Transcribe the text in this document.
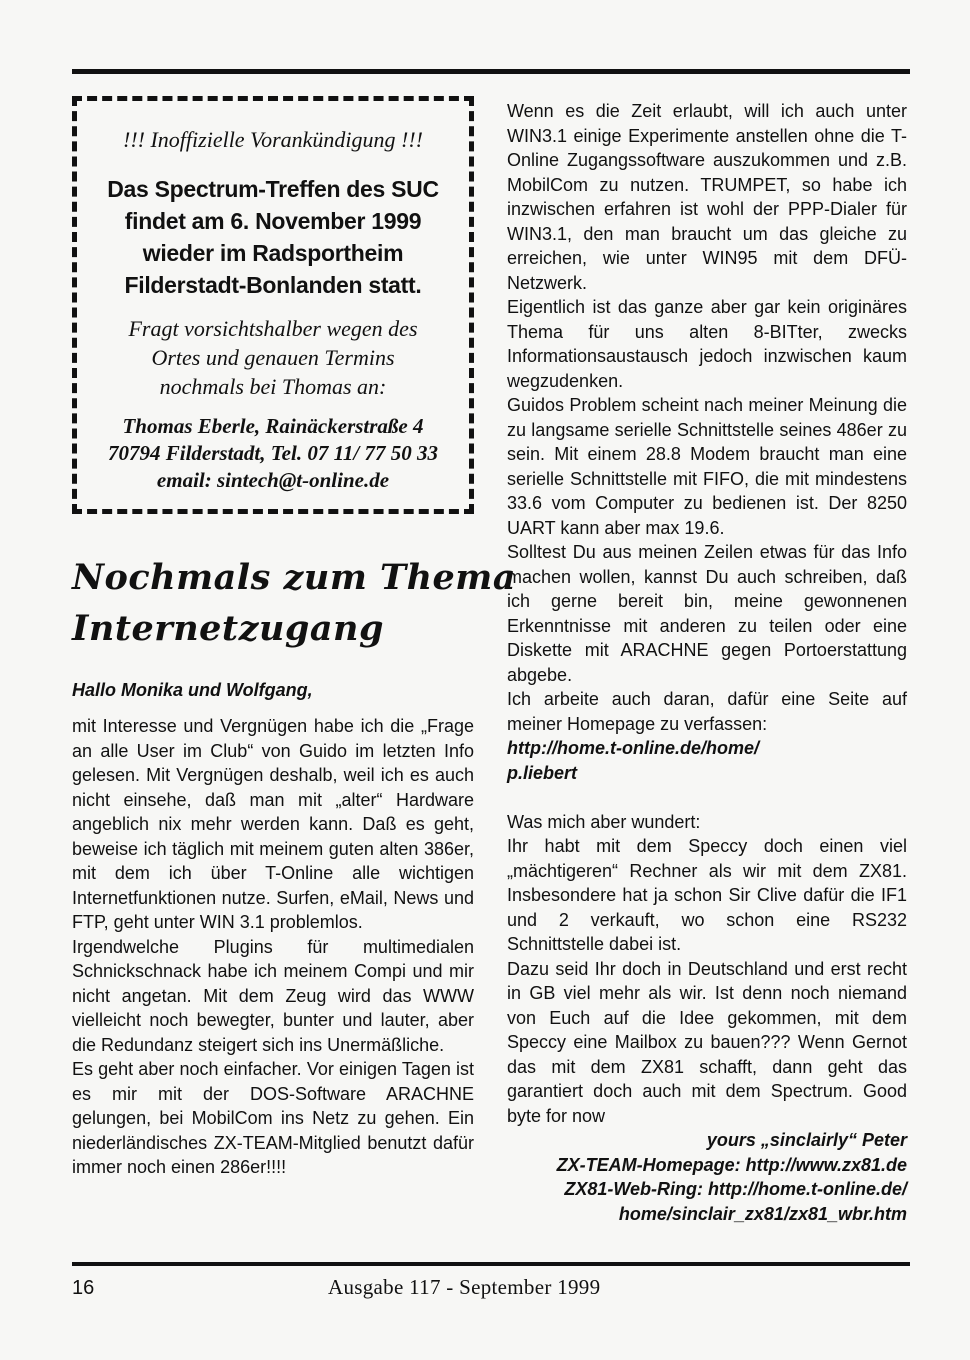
!!! Inoffizielle Vorankündigung !!!
Das Spectrum-Treffen des SUC
findet am 6. November 1999
wieder im Radsportheim
Filderstadt-Bonlanden statt.
Fragt vorsichtshalber wegen des
Ortes und genauen Termins
nochmals bei Thomas an:
Thomas Eberle, Rainäckerstraße 4
70794 Filderstadt, Tel. 07 11/ 77 50 33
email: sintech@t-online.de
Nochmals zum Thema
Internetzugang
Hallo Monika und Wolfgang,

mit Interesse und Vergnügen habe ich die „Frage an alle User im Club“ von Guido im letzten Info gelesen. Mit Vergnügen deshalb, weil ich es auch nicht einsehe, daß man mit „alter“ Hardware angeblich nix mehr werden kann. Daß es geht, beweise ich täglich mit meinem guten alten 386er, mit dem ich über T-Online alle wichtigen Internetfunktionen nutze. Surfen, eMail, News und FTP, geht unter WIN 3.1 problemlos.

Irgendwelche Plugins für multimedialen Schnickschnack habe ich meinem Compi und mir nicht angetan. Mit dem Zeug wird das WWW vielleicht noch bewegter, bunter und lauter, aber die Redundanz steigert sich ins Unermäßliche.

Es geht aber noch einfacher. Vor einigen Tagen ist es mir mit der DOS-Software ARACHNE gelungen, bei MobilCom ins Netz zu gehen. Ein niederländisches ZX-TEAM-Mitglied benutzt dafür immer noch einen 286er!!!!

Wenn es die Zeit erlaubt, will ich auch unter WIN3.1 einige Experimente anstellen ohne die T-Online Zugangssoftware auszukommen und z.B. MobilCom zu nutzen. TRUMPET, so habe ich inzwischen erfahren ist wohl der PPP-Dialer für WIN3.1, den man braucht um das gleiche zu erreichen, wie unter WIN95 mit dem DFÜ-Netzwerk.

Eigentlich ist das ganze aber gar kein originäres Thema für uns alten 8-BITter, zwecks Informationsaustausch jedoch inzwischen kaum wegzudenken.

Guidos Problem scheint nach meiner Meinung die zu langsame serielle Schnittstelle seines 486er zu sein. Mit einem 28.8 Modem braucht man eine serielle Schnittstelle mit FIFO, die mit mindestens 33.6 vom Computer zu bedienen ist. Der 8250 UART kann aber max 19.6.

Solltest Du aus meinen Zeilen etwas für das Info machen wollen, kannst Du auch schreiben, daß ich gerne bereit bin, meine gewonnenen Erkenntnisse mit anderen zu teilen oder eine Diskette mit ARACHNE gegen Portoerstattung abgebe.

Ich arbeite auch daran, dafür eine Seite auf meiner Homepage zu verfassen:

http://home.t-online.de/home/
p.liebert

Was mich aber wundert:

Ihr habt mit dem Speccy doch einen viel „mächtigeren“ Rechner als wir mit dem ZX81. Insbesondere hat ja schon Sir Clive dafür die IF1 und 2 verkauft, wo schon eine RS232 Schnittstelle dabei ist.

Dazu seid Ihr doch in Deutschland und erst recht in GB viel mehr als wir. Ist denn noch niemand von Euch auf die Idee gekommen, mit dem Speccy eine Mailbox zu bauen??? Wenn Gernot das mit dem ZX81 schafft, dann geht das garantiert doch auch mit dem Spectrum. Good byte for now

yours „sinclairly“ Peter
ZX-TEAM-Homepage: http://www.zx81.de
ZX81-Web-Ring: http://home.t-online.de/
home/sinclair_zx81/zx81_wbr.htm

16	Ausgabe 117 - September 1999
